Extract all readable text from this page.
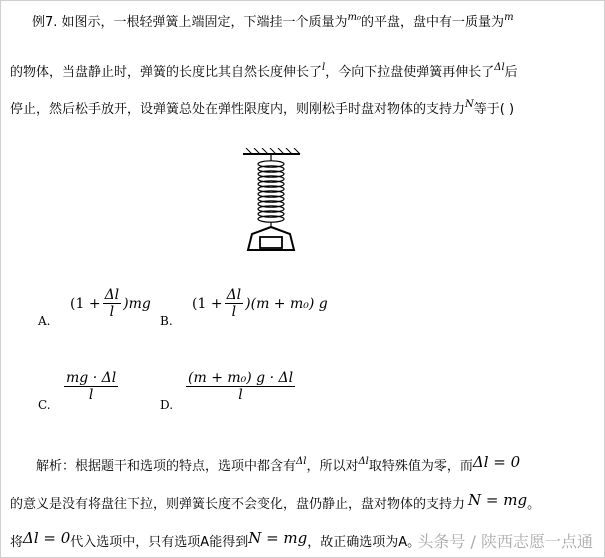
例7. 如图示，一根轻弹簧上端固定，下端挂一个质量为$^{m_0}$的平盘，盘中有一质量为$^m$
的物体，当盘静止时，弹簧的长度比其自然长度伸长了$^l$，今向下拉盘使弹簧再伸长了$^{\Delta l}$后
停止，然后松手放开，设弹簧总处在弹性限度内，则刚松手时盘对物体的支持力$^N$等于( )
A.
$(1 + \frac{\Delta l}{l} )mg$
B.
$(1 + \frac{\Delta l}{l} )(m + m_0)$ g
C.
$\frac{mg \cdot \Delta l}{l}$
D.
$\frac{\text{(m + m₀) g · Δl}}{l}$
解析：根据题干和选项的特点，选项中都含有$^{\Delta l}$，所以对$^{\Delta l}$取特殊值为零，而Δl = 0
的意义是没有将盘往下拉，则弹簧长度不会变化，盘仍静止，盘对物体的支持力 N = mg。
将Δl = 0代入选项中，只有选项A能得到N = mg，故正确选项为A。
头条号 / 陕西志愿一点通
